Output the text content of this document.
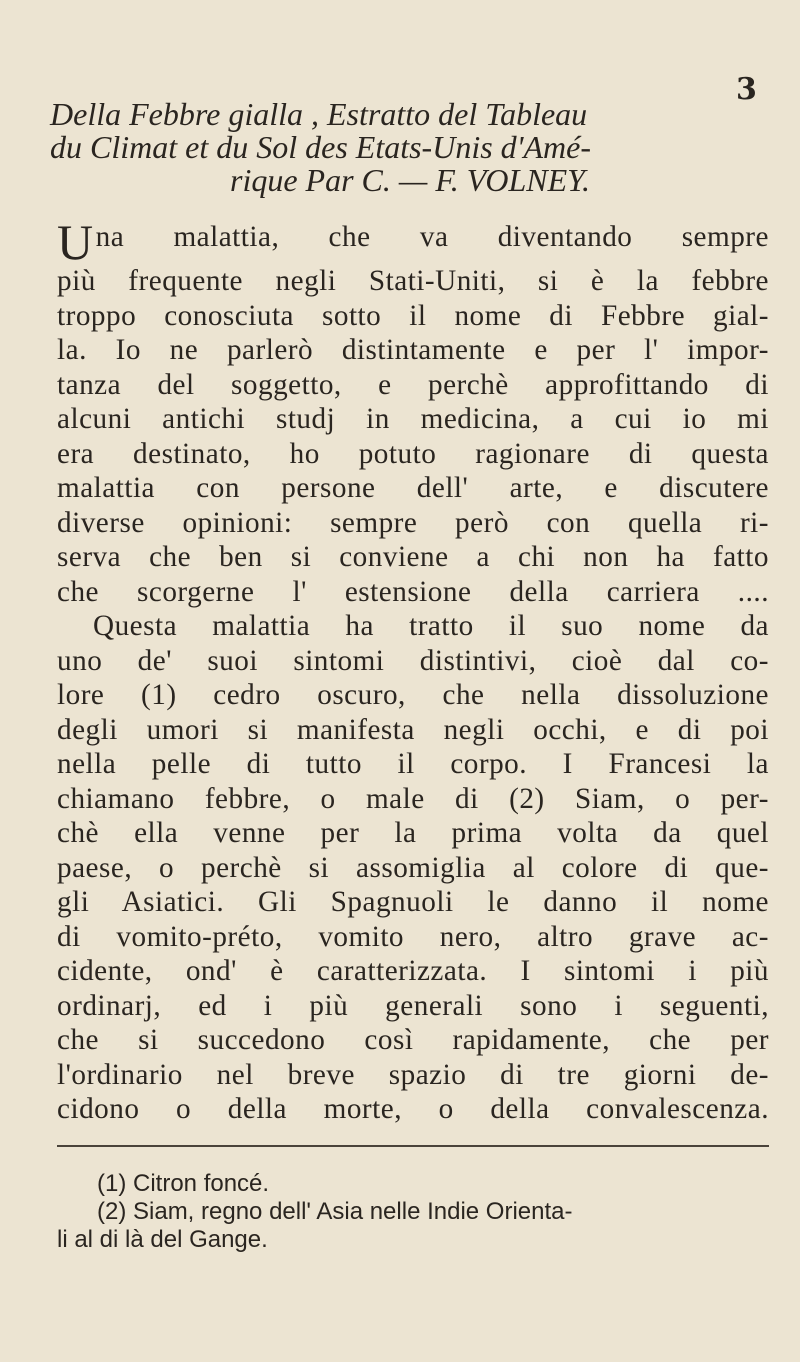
3
Della Febbre gialla , Estratto del Tableau
du Climat et du Sol des Etats-Unis d'Amé-
rique Par C. — F. VOLNEY.
Una malattia, che va diventando sempre
più frequente negli Stati-Uniti, si è la febbre
troppo conosciuta sotto il nome di Febbre gial-
la. Io ne parlerò distintamente e per l' impor-
tanza del soggetto, e perchè approfittando di
alcuni antichi studj in medicina, a cui io mi
era destinato, ho potuto ragionare di questa
malattia con persone dell' arte, e discutere
diverse opinioni: sempre però con quella ri-
serva che ben si conviene a chi non ha fatto
che scorgerne l' estensione della carriera ....
Questa malattia ha tratto il suo nome da
uno de' suoi sintomi distintivi, cioè dal co-
lore (1) cedro oscuro, che nella dissoluzione
degli umori si manifesta negli occhi, e di poi
nella pelle di tutto il corpo. I Francesi la
chiamano febbre, o male di (2) Siam, o per-
chè ella venne per la prima volta da quel
paese, o perchè si assomiglia al colore di que-
gli Asiatici. Gli Spagnuoli le danno il nome
di vomito-préto, vomito nero, altro grave ac-
cidente, ond' è caratterizzata. I sintomi i più
ordinarj, ed i più generali sono i seguenti,
che si succedono così rapidamente, che per
l'ordinario nel breve spazio di tre giorni de-
cidono o della morte, o della convalescenza.
(1) Citron foncé.
(2) Siam, regno dell' Asia nelle Indie Orienta-
li al di là del Gange.
